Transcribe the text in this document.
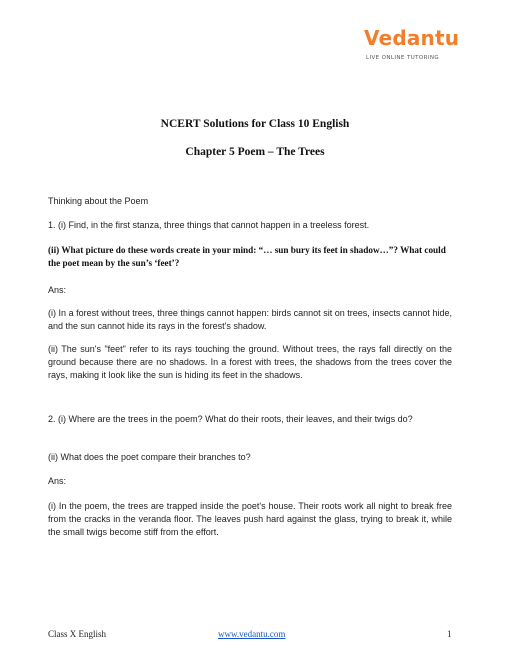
Vedantu
LIVE ONLINE TUTORING
NCERT Solutions for Class 10 English
Chapter 5 Poem – The Trees
Thinking about the Poem
1. (i) Find, in the first stanza, three things that cannot happen in a treeless forest.
(ii) What picture do these words create in your mind: “… sun bury its feet in shadow…”? What could the poet mean by the sun’s ‘feet’?
Ans:
(i) In a forest without trees, three things cannot happen: birds cannot sit on trees, insects cannot hide, and the sun cannot hide its rays in the forest's shadow.
(ii) The sun's "feet" refer to its rays touching the ground. Without trees, the rays fall directly on the ground because there are no shadows. In a forest with trees, the shadows from the trees cover the rays, making it look like the sun is hiding its feet in the shadows.
2. (i) Where are the trees in the poem? What do their roots, their leaves, and their twigs do?
(ii) What does the poet compare their branches to?
Ans:
(i) In the poem, the trees are trapped inside the poet's house. Their roots work all night to break free from the cracks in the veranda floor. The leaves push hard against the glass, trying to break it, while the small twigs become stiff from the effort.
Class X English	www.vedantu.com	1
